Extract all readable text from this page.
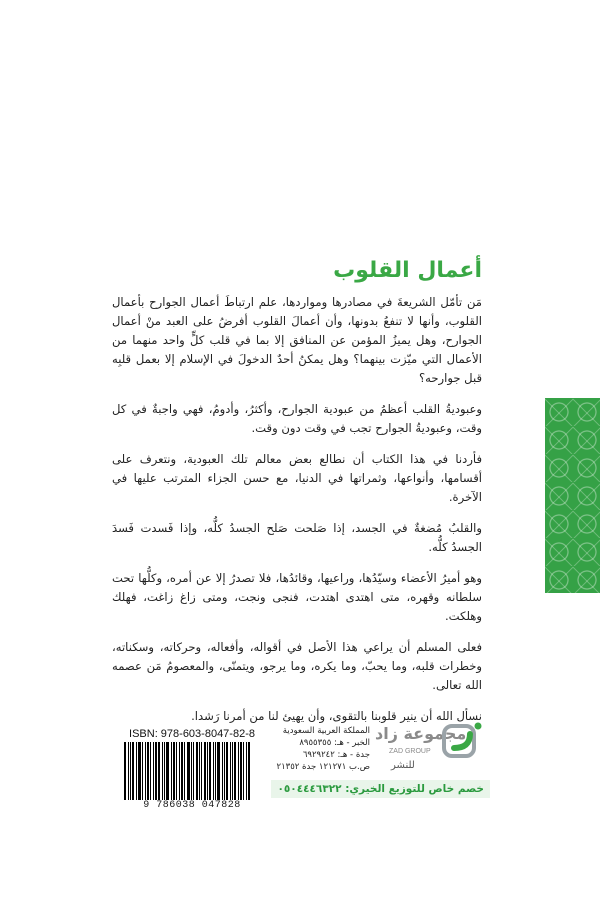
أعمال القلوب

مَن تأمّل الشريعةَ في مصادرها ومواردها، علم ارتباطَ أعمال الجوارح بأعمال القلوب، وأنها لا تنفعُ بدونها، وأن أعمالَ القلوب أفرضُ على العبد منْ أعمال الجوارح، وهل يميزُ المؤمن عن المنافق إلا بما في قلب كلٍّ واحد منهما من الأعمال التي ميّزت بينهما؟ وهل يمكنُ أحدٌ الدخولَ في الإسلام إلا بعمل قلبِه قبل جوارحه؟

وعبوديةُ القلب أعظمُ من عبودية الجوارح، وأكثرُ، وأدومُ، فهي واجبةٌ في كل وقت، وعبوديةُ الجوارح تجب في وقت دون وقت.

فأردنا في هذا الكتاب أن نطالع بعض معالم تلك العبودية، ونتعرف على أقسامها، وأنواعها، وثمراتها في الدنيا، مع حسن الجزاء المترتب عليها في الآخرة.

والقلبُ مُضغةٌ في الجسد، إذا صَلحت صَلح الجسدُ كلُّه، وإذا فَسدت فَسدَ الجسدُ كلُّه.

وهو أميرُ الأعضاء وسيّدُها، وراعيها، وقائدُها، فلا تصدرُ إلا عن أمره، وكلُّها تحت سلطانه وقهره، متى اهتدى اهتدت، فنجى ونجت، ومتى زاغ زاغت، فهلك وهلكت.

فعلى المسلم أن يراعي هذا الأصل في أقواله، وأفعاله، وحركاته، وسكناته، وخطرات قلبه، وما يحبّ، وما يكره، وما يرجو، ويتمنّى، والمعصومُ مَن عصمه الله تعالى.

نسأل الله أن ينير قلوبنا بالتقوى، وأن يهيئ لنا من أمرنا رَشدا.

ISBN: 978-603-8047-82-8
9 786038 047828
المملكة العربية السعودية
الخبر - هـ: ٨٩٥٥٣٥٥
جدة - هـ: ٦٩٢٩٢٤٢
ص.ب ١٢١٢٧١ جدة ٢١٣٥٢
مجموعة زاد
ZAD GROUP
للنشر
خصم خاص للتوزيع الخيري: ٠٥٠٤٤٤٦٣٢٢
